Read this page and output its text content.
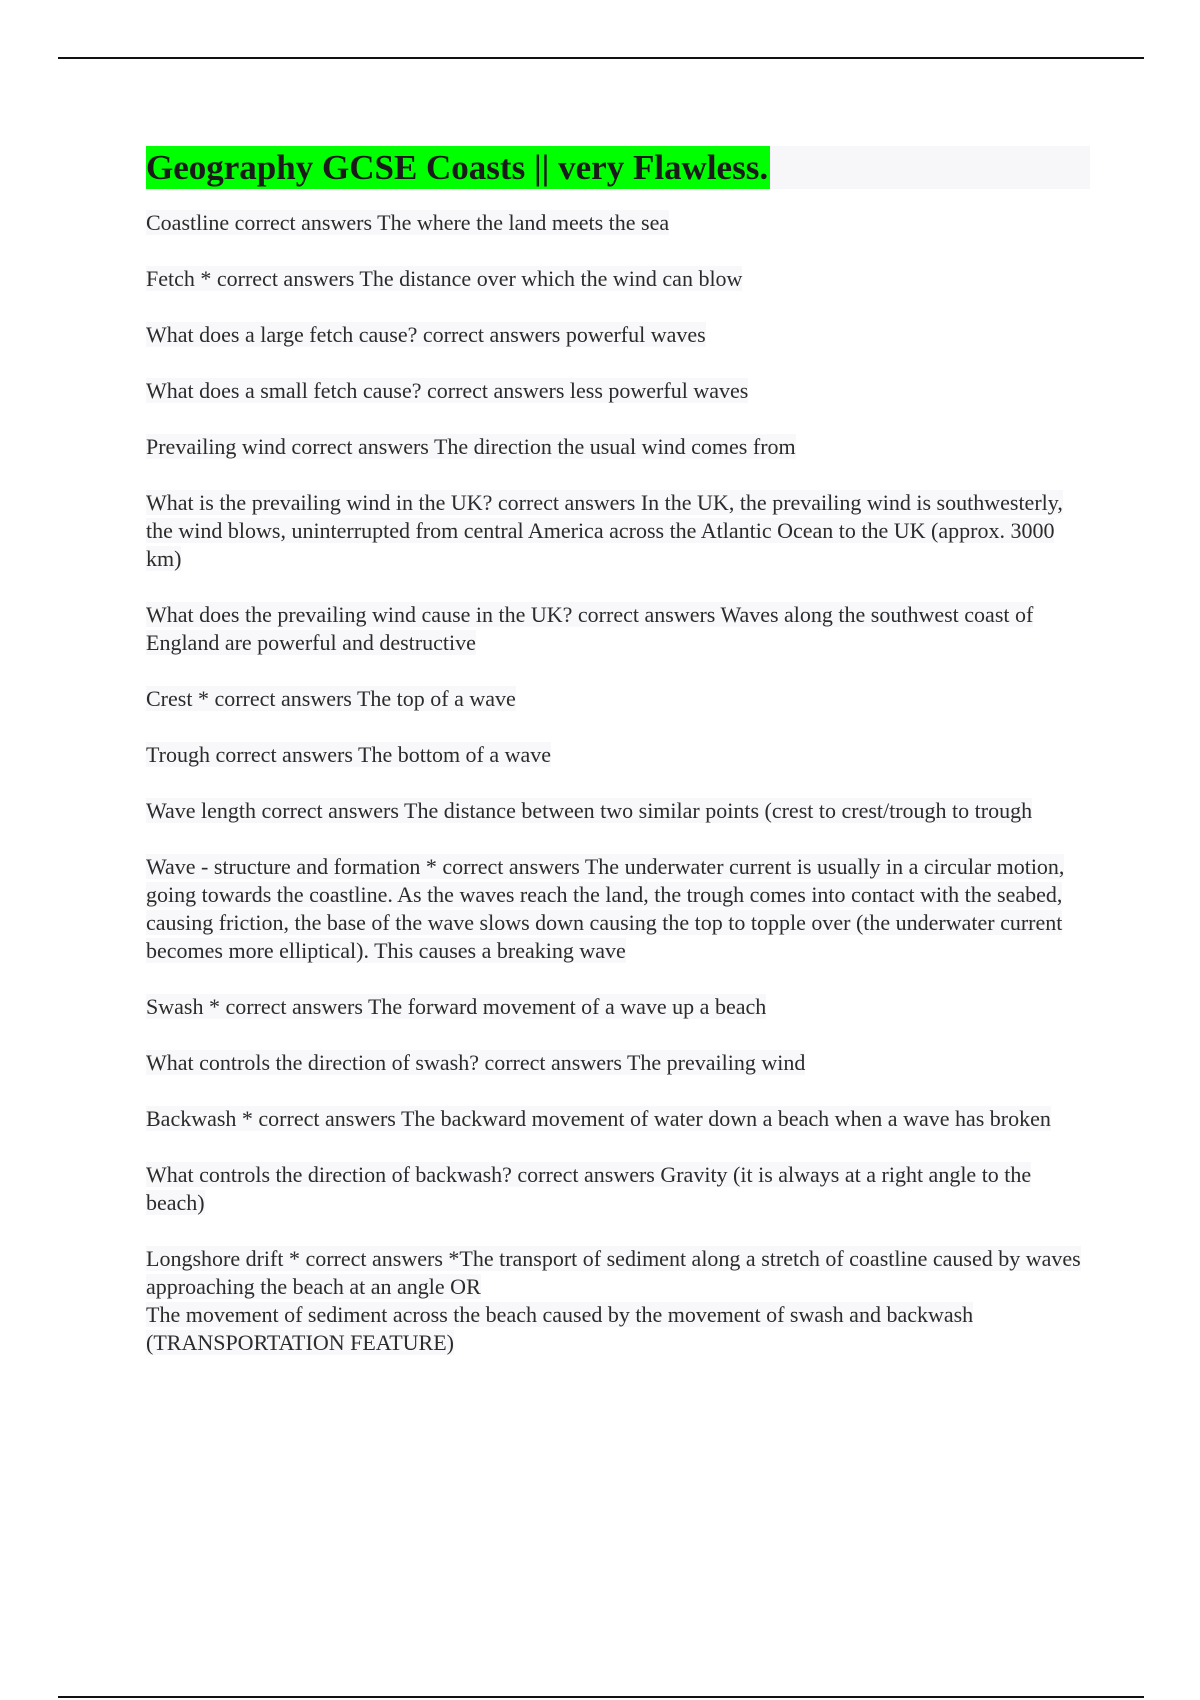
Geography GCSE Coasts || very Flawless.

Coastline correct answers The where the land meets the sea

Fetch * correct answers The distance over which the wind can blow

What does a large fetch cause? correct answers powerful waves

What does a small fetch cause? correct answers less powerful waves

Prevailing wind correct answers The direction the usual wind comes from

What is the prevailing wind in the UK? correct answers In the UK, the prevailing wind is southwesterly, the wind blows, uninterrupted from central America across the Atlantic Ocean to the UK (approx. 3000 km)

What does the prevailing wind cause in the UK? correct answers Waves along the southwest coast of England are powerful and destructive

Crest * correct answers The top of a wave

Trough correct answers The bottom of a wave

Wave length correct answers The distance between two similar points (crest to crest/trough to trough

Wave - structure and formation * correct answers The underwater current is usually in a circular motion, going towards the coastline. As the waves reach the land, the trough comes into contact with the seabed, causing friction, the base of the wave slows down causing the top to topple over (the underwater current becomes more elliptical). This causes a breaking wave

Swash * correct answers The forward movement of a wave up a beach

What controls the direction of swash? correct answers The prevailing wind

Backwash * correct answers The backward movement of water down a beach when a wave has broken

What controls the direction of backwash? correct answers Gravity (it is always at a right angle to the beach)

Longshore drift * correct answers *The transport of sediment along a stretch of coastline caused by waves approaching the beach at an angle OR
The movement of sediment across the beach caused by the movement of swash and backwash (TRANSPORTATION FEATURE)
